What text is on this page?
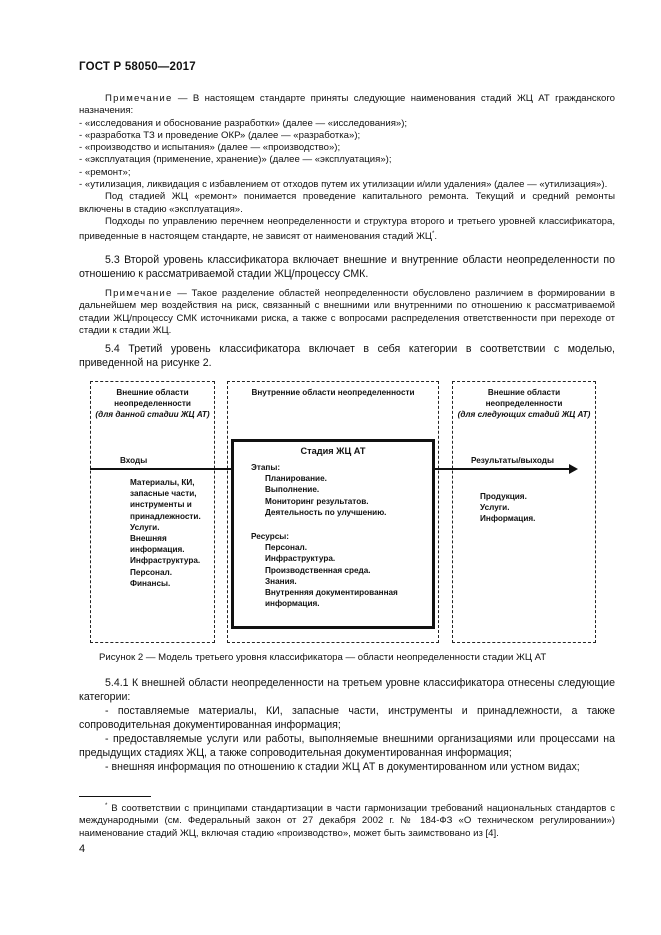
ГОСТ Р 58050—2017

Примечание — В настоящем стандарте приняты следующие наименования стадий ЖЦ АТ гражданского назначения:

- «исследования и обоснование разработки» (далее — «исследования»);

- «разработка ТЗ и проведение ОКР» (далее — «разработка»);

- «производство и испытания» (далее — «производство»);

- «эксплуатация (применение, хранение)» (далее — «эксплуатация»);

- «ремонт»;

- «утилизация, ликвидация с избавлением от отходов путем их утилизации и/или удаления» (далее — «утилизация»).

Под стадией ЖЦ «ремонт» понимается проведение капитального ремонта. Текущий и средний ремонты включены в стадию «эксплуатация».

Подходы по управлению перечнем неопределенности и структура второго и третьего уровней классификатора, приведенные в настоящем стандарте, не зависят от наименования стадий ЖЦ*.

5.3 Второй уровень классификатора включает внешние и внутренние области неопределенности по отношению к рассматриваемой стадии ЖЦ/процессу СМК.

Примечание — Такое разделение областей неопределенности обусловлено различием в формировании в дальнейшем мер воздействия на риск, связанный с внешними или внутренними по отношению к рассматриваемой стадии ЖЦ/процессу СМК источниками риска, а также с вопросами распределения ответственности при переходе от стадии к стадии ЖЦ.

5.4 Третий уровень классификатора включает в себя категории в соответствии с моделью, приведенной на рисунке 2.

Внешние области неопределенности
(для данной стадии ЖЦ АТ)
Внутренние области неопределенности	Внешние области неопределенности
(для следующих стадий ЖЦ АТ)
Входы	Результаты/выходы
Материалы, КИ,
запасные части,
инструменты и
принадлежности.
Услуги.
Внешняя
информация.
Инфраструктура.
Персонал.
Финансы.
Стадия ЖЦ АТ
Этапы:
Планирование.
Выполнение.
Мониторинг результатов.
Деятельность по улучшению.
Ресурсы:
Персонал.
Инфраструктура.
Производственная среда.
Знания.
Внутренняя документированная
информация.
Продукция.
Услуги.
Информация.
Рисунок 2 — Модель третьего уровня классификатора — области неопределенности стадии ЖЦ АТ

5.4.1 К внешней области неопределенности на третьем уровне классификатора отнесены следующие категории:

- поставляемые материалы, КИ, запасные части, инструменты и принадлежности, а также сопроводительная документированная информация;

- предоставляемые услуги или работы, выполняемые внешними организациями или процессами на предыдущих стадиях ЖЦ, а также сопроводительная документированная информация;

- внешняя информация по отношению к стадии ЖЦ АТ в документированном или устном видах;

* В соответствии с принципами стандартизации в части гармонизации требований национальных стандартов с международными (см. Федеральный закон от 27 декабря 2002 г. № 184-ФЗ «О техническом регулировании») наименование стадий ЖЦ, включая стадию «производство», может быть заимствовано из [4].

4
